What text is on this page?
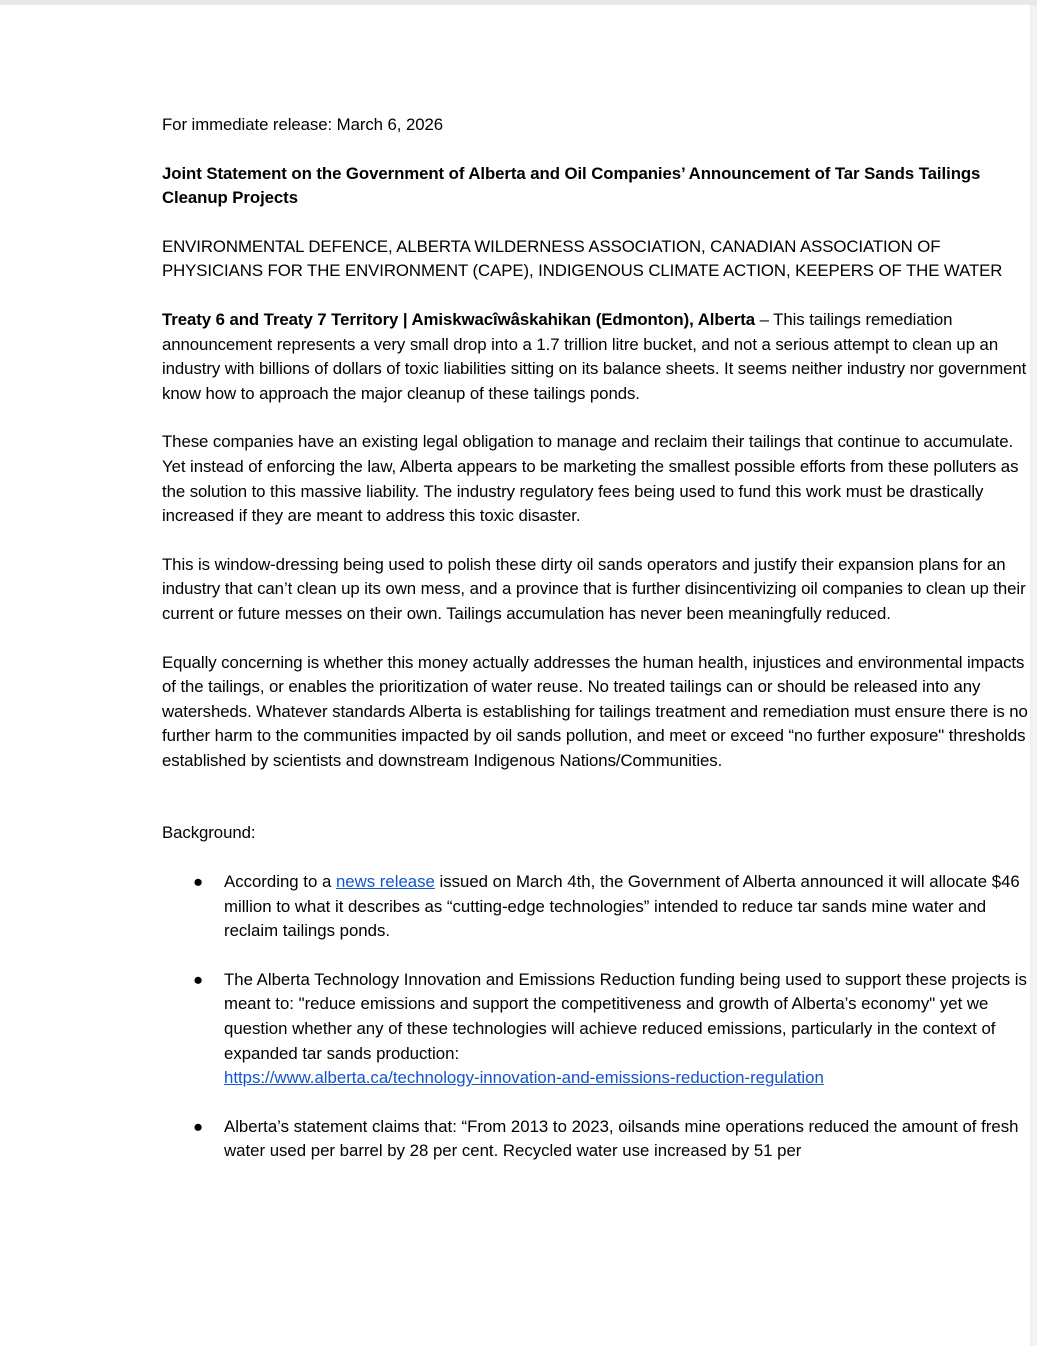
For immediate release: March 6, 2026

Joint Statement on the Government of Alberta and Oil Companies’ Announcement of Tar Sands Tailings Cleanup Projects

ENVIRONMENTAL DEFENCE, ALBERTA WILDERNESS ASSOCIATION, CANADIAN ASSOCIATION OF PHYSICIANS FOR THE ENVIRONMENT (CAPE), INDIGENOUS CLIMATE ACTION, KEEPERS OF THE WATER

Treaty 6 and Treaty 7 Territory | Amiskwacîwâskahikan (Edmonton), Alberta – This tailings remediation announcement represents a very small drop into a 1.7 trillion litre bucket, and not a serious attempt to clean up an industry with billions of dollars of toxic liabilities sitting on its balance sheets. It seems neither industry nor government know how to approach the major cleanup of these tailings ponds.

These companies have an existing legal obligation to manage and reclaim their tailings that continue to accumulate. Yet instead of enforcing the law, Alberta appears to be marketing the smallest possible efforts from these polluters as the solution to this massive liability. The industry regulatory fees being used to fund this work must be drastically increased if they are meant to address this toxic disaster.

This is window-dressing being used to polish these dirty oil sands operators and justify their expansion plans for an industry that can’t clean up its own mess, and a province that is further disincentivizing oil companies to clean up their current or future messes on their own. Tailings accumulation has never been meaningfully reduced.

Equally concerning is whether this money actually addresses the human health, injustices and environmental impacts of the tailings, or enables the prioritization of water reuse. No treated tailings can or should be released into any watersheds. Whatever standards Alberta is establishing for tailings treatment and remediation must ensure there is no further harm to the communities impacted by oil sands pollution, and meet or exceed “no further exposure" thresholds established by scientists and downstream Indigenous Nations/Communities.

Background:

● According to a news release issued on March 4th, the Government of Alberta announced it will allocate $46 million to what it describes as “cutting-edge technologies” intended to reduce tar sands mine water and reclaim tailings ponds.
● The Alberta Technology Innovation and Emissions Reduction funding being used to support these projects is meant to: "reduce emissions and support the competitiveness and growth of Alberta’s economy" yet we question whether any of these technologies will achieve reduced emissions, particularly in the context of expanded tar sands production:
https://www.alberta.ca/technology-innovation-and-emissions-reduction-regulation
● Alberta’s statement claims that: “From 2013 to 2023, oilsands mine operations reduced the amount of fresh water used per barrel by 28 per cent. Recycled water use increased by 51 per
